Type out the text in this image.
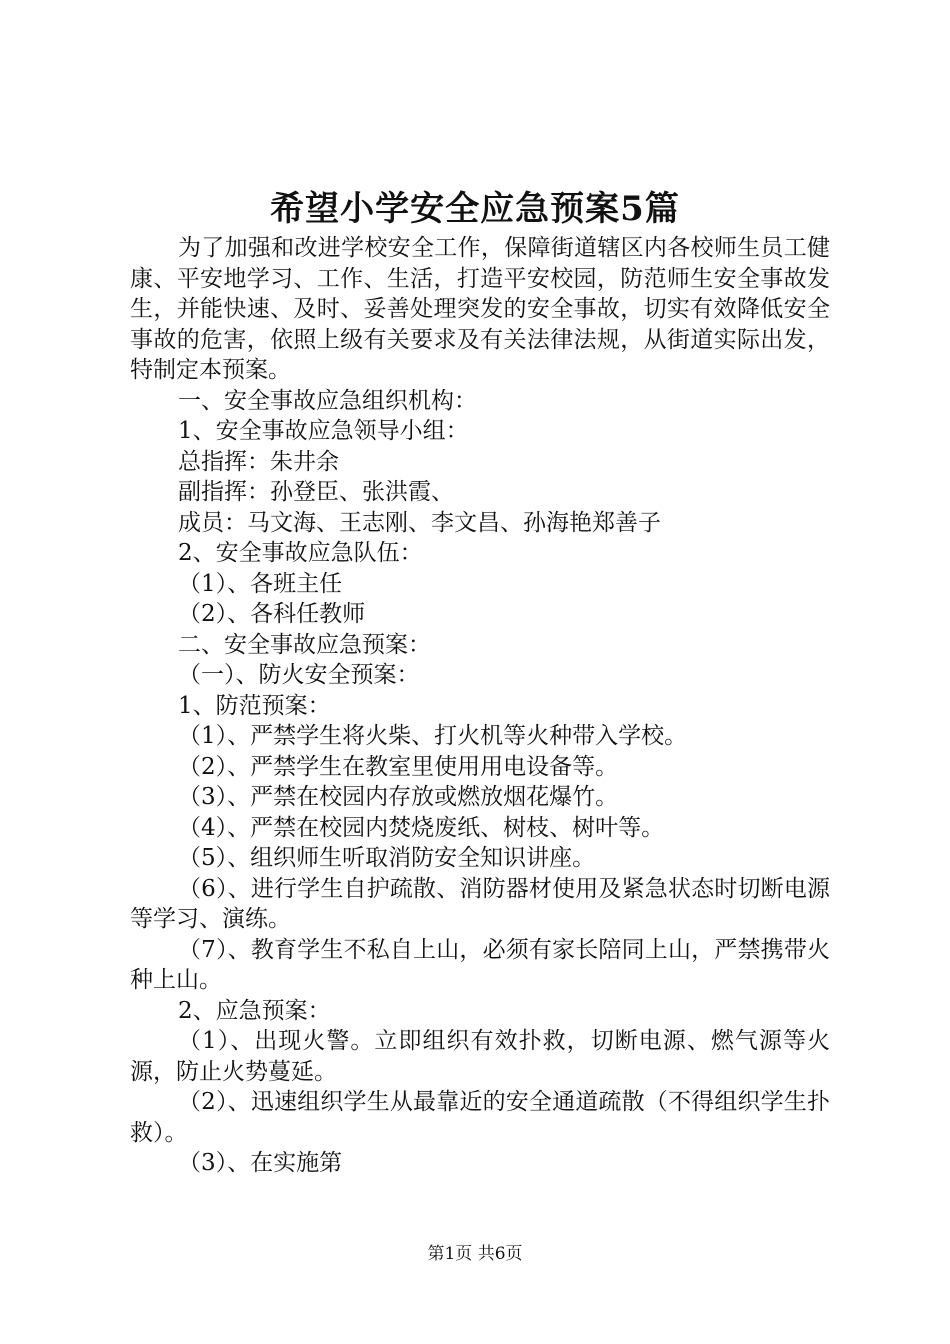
希望小学安全应急预案5篇

为了加强和改进学校安全工作，保障街道辖区内各校师生员工健康、平安地学习、工作、生活，打造平安校园，防范师生安全事故发生，并能快速、及时、妥善处理突发的安全事故，切实有效降低安全事故的危害，依照上级有关要求及有关法律法规，从街道实际出发，特制定本预案。

一、安全事故应急组织机构：

1、安全事故应急领导小组：

总指挥：朱井余

副指挥：孙登臣、张洪霞、

成员：马文海、王志刚、李文昌、孙海艳郑善子

2、安全事故应急队伍：

（1）、各班主任

（2）、各科任教师

二、安全事故应急预案：

（一）、防火安全预案：

1、防范预案：

（1）、严禁学生将火柴、打火机等火种带入学校。

（2）、严禁学生在教室里使用用电设备等。

（3）、严禁在校园内存放或燃放烟花爆竹。

（4）、严禁在校园内焚烧废纸、树枝、树叶等。

（5）、组织师生听取消防安全知识讲座。

（6）、进行学生自护疏散、消防器材使用及紧急状态时切断电源等学习、演练。

（7）、教育学生不私自上山，必须有家长陪同上山，严禁携带火种上山。

2、应急预案：

（1）、出现火警。立即组织有效扑救，切断电源、燃气源等火源，防止火势蔓延。

（2）、迅速组织学生从最靠近的安全通道疏散（不得组织学生扑救）。

（3）、在实施第

第1页 共6页
